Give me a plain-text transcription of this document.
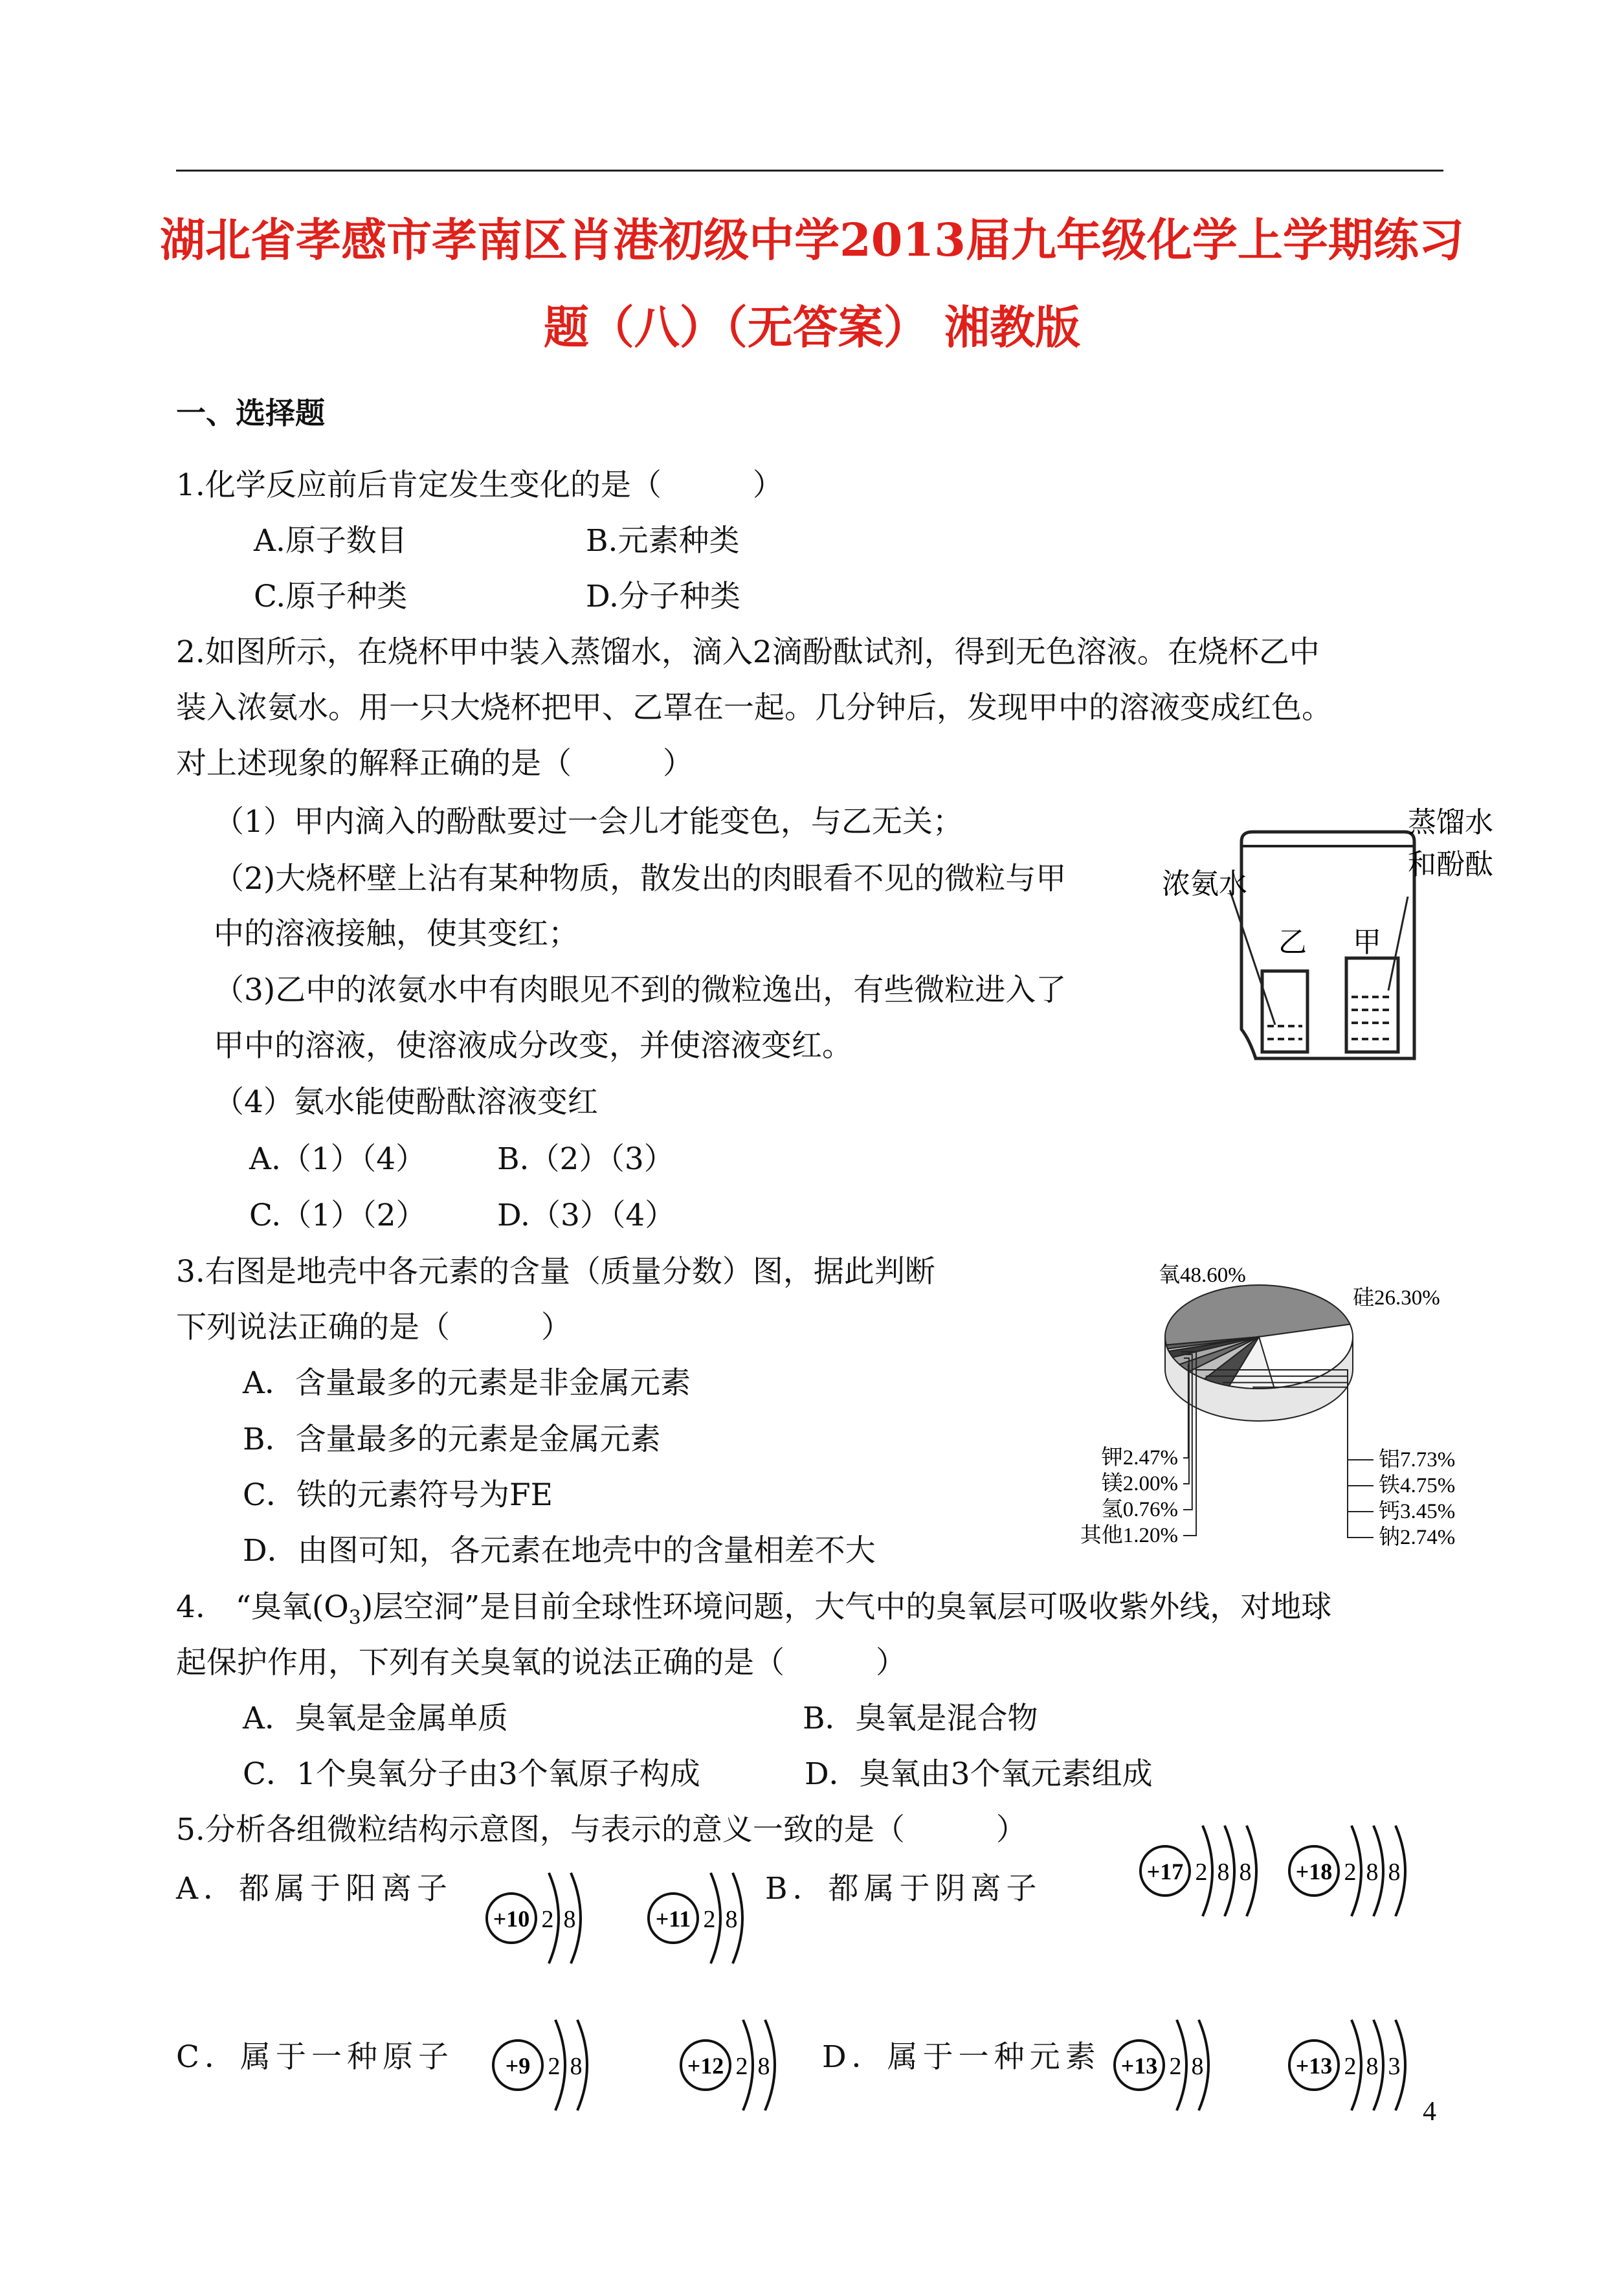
湖北省孝感市孝南区肖港初级中学2013届九年级化学上学期练习
题（八）（无答案） 湘教版
一、选择题
1.化学反应前后肯定发生变化的是（　　　）
A.原子数目	B.元素种类
C.原子种类	D.分子种类
2.如图所示，在烧杯甲中装入蒸馏水，滴入2滴酚酞试剂，得到无色溶液。在烧杯乙中
装入浓氨水。用一只大烧杯把甲、乙罩在一起。几分钟后，发现甲中的溶液变成红色。
对上述现象的解释正确的是（　　　）
（1）甲内滴入的酚酞要过一会儿才能变色，与乙无关；
（2)大烧杯壁上沾有某种物质，散发出的肉眼看不见的微粒与甲
中的溶液接触，使其变红；
（3)乙中的浓氨水中有肉眼见不到的微粒逸出，有些微粒进入了
甲中的溶液，使溶液成分改变，并使溶液变红。
（4）氨水能使酚酞溶液变红
A.（1）（4） B.（2）（3）
C.（1）（2） D.（3）（4）
浓氨水
蒸馏水
和酚酞
乙 甲
3.右图是地壳中各元素的含量（质量分数）图，据此判断
下列说法正确的是（　　　）
A．含量最多的元素是非金属元素
B．含量最多的元素是金属元素
C．铁的元素符号为FE
D．由图可知，各元素在地壳中的含量相差不大
氧48.60%
硅26.30%
铝7.73%
铁4.75%
钙3.45%
钠2.74%
钾2.47%
镁2.00%
氢0.76%
其他1.20%
4.　“臭氧$(O_3)$层空洞”是目前全球性环境问题，大气中的臭氧层可吸收紫外线，对地球
起保护作用，下列有关臭氧的说法正确的是（　　　）
A．臭氧是金属单质	B．臭氧是混合物
C．1个臭氧分子由3个氧原子构成	D．臭氧由3个氧元素组成
5.分析各组微粒结构示意图，与表示的意义一致的是（　　　）
A．都属于阳离子	B．都属于阴离子
C．属于一种原子	D．属于一种元素
+10 2 8	+11 2 8
+17 2 8 8 +18 2 8 8
+9 2 8	+12 2 8	+13 2 8	+13 2 8 3
4
